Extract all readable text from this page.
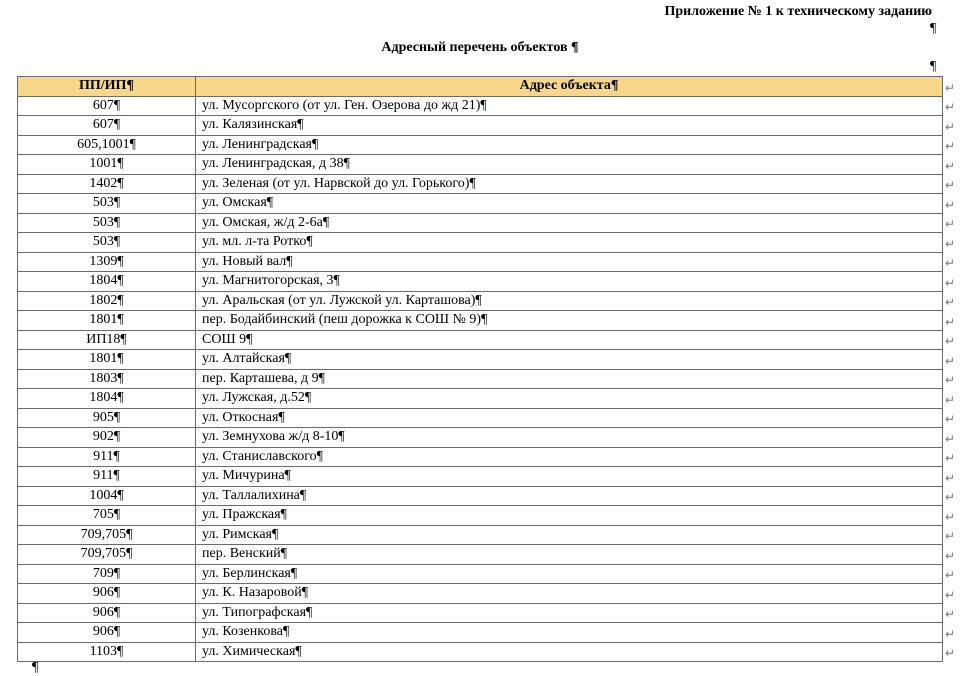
Приложение № 1 к техническому заданию
¶
Адресный перечень объектов ¶
¶
ПП/ИП¶	Адрес объекта¶
607¶	ул. Мусоргского (от ул. Ген. Озерова до жд 21)¶
607¶	ул. Калязинская¶
605,1001¶	ул. Ленинградская¶
1001¶	ул. Ленинградская, д 38¶
1402¶	ул. Зеленая (от ул. Нарвской до ул. Горького)¶
503¶	ул. Омская¶
503¶	ул. Омская, ж/д 2-6а¶
503¶	ул. мл. л-та Ротко¶
1309¶	ул. Новый вал¶
1804¶	ул. Магнитогорская, 3¶
1802¶	ул. Аральская (от ул. Лужской ул. Карташова)¶
1801¶	пер. Бодайбинский (пеш дорожка к СОШ № 9)¶
ИП18¶	СОШ 9¶
1801¶	ул. Алтайская¶
1803¶	пер. Карташева, д 9¶
1804¶	ул. Лужская, д.52¶
905¶	ул. Откосная¶
902¶	ул. Земнухова ж/д 8-10¶
911¶	ул. Станиславского¶
911¶	ул. Мичурина¶
1004¶	ул. Таллалихина¶
705¶	ул. Пражская¶
709,705¶	ул. Римская¶
709,705¶	пер. Венский¶
709¶	ул. Берлинская¶
906¶	ул. К. Назаровой¶
906¶	ул. Типографская¶
906¶	ул. Козенкова¶
1103¶	ул. Химическая¶
↵
↵
↵
↵
↵
↵
↵
↵
↵
↵
↵
↵
↵
↵
↵
↵
↵
↵
↵
↵
↵
↵
↵
↵
↵
↵
↵
↵
↵
↵
¶
